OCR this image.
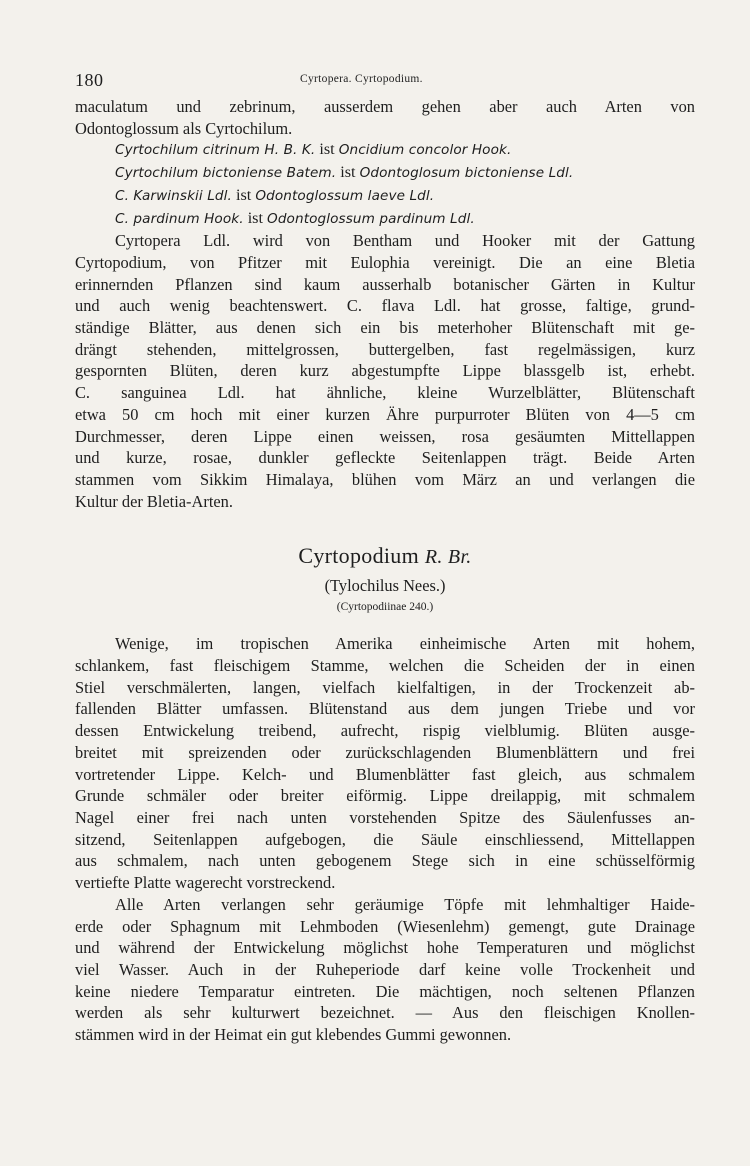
180	Cyrtopera. Cyrtopodium.
maculatum und zebrinum, ausserdem gehen aber auch Arten von
Odontoglossum als Cyrtochilum.
Cyrtochilum citrinum H. B. K. ist Oncidium concolor Hook.
Cyrtochilum bictoniense Batem. ist Odontoglosum bictoniense Ldl.
C. Karwinskii Ldl. ist Odontoglossum laeve Ldl.
C. pardinum Hook. ist Odontoglossum pardinum Ldl.
Cyrtopera Ldl. wird von Bentham und Hooker mit der Gattung
Cyrtopodium, von Pfitzer mit Eulophia vereinigt. Die an eine Bletia
erinnernden Pflanzen sind kaum ausserhalb botanischer Gärten in Kultur
und auch wenig beachtenswert. C. flava Ldl. hat grosse, faltige, grund-
ständige Blätter, aus denen sich ein bis meterhoher Blütenschaft mit ge-
drängt stehenden, mittelgrossen, buttergelben, fast regelmässigen, kurz
gespornten Blüten, deren kurz abgestumpfte Lippe blassgelb ist, erhebt.
C. sanguinea Ldl. hat ähnliche, kleine Wurzelblätter, Blütenschaft
etwa 50 cm hoch mit einer kurzen Ähre purpurroter Blüten von 4—5 cm
Durchmesser, deren Lippe einen weissen, rosa gesäumten Mittellappen
und kurze, rosae, dunkler gefleckte Seitenlappen trägt. Beide Arten
stammen vom Sikkim Himalaya, blühen vom März an und verlangen die
Kultur der Bletia-Arten.
Cyrtopodium R. Br.
(Tylochilus Nees.)
(Cyrtopodiinae 240.)
Wenige, im tropischen Amerika einheimische Arten mit hohem,
schlankem, fast fleischigem Stamme, welchen die Scheiden der in einen
Stiel verschmälerten, langen, vielfach kielfaltigen, in der Trockenzeit ab-
fallenden Blätter umfassen. Blütenstand aus dem jungen Triebe und vor
dessen Entwickelung treibend, aufrecht, rispig vielblumig. Blüten ausge-
breitet mit spreizenden oder zurückschlagenden Blumenblättern und frei
vortretender Lippe. Kelch- und Blumenblätter fast gleich, aus schmalem
Grunde schmäler oder breiter eiförmig. Lippe dreilappig, mit schmalem
Nagel einer frei nach unten vorstehenden Spitze des Säulenfusses an-
sitzend, Seitenlappen aufgebogen, die Säule einschliessend, Mittellappen
aus schmalem, nach unten gebogenem Stege sich in eine schüsselförmig
vertiefte Platte wagerecht vorstreckend.
Alle Arten verlangen sehr geräumige Töpfe mit lehmhaltiger Haide-
erde oder Sphagnum mit Lehmboden (Wiesenlehm) gemengt, gute Drainage
und während der Entwickelung möglichst hohe Temperaturen und möglichst
viel Wasser. Auch in der Ruheperiode darf keine volle Trockenheit und
keine niedere Temparatur eintreten. Die mächtigen, noch seltenen Pflanzen
werden als sehr kulturwert bezeichnet. — Aus den fleischigen Knollen-
stämmen wird in der Heimat ein gut klebendes Gummi gewonnen.
